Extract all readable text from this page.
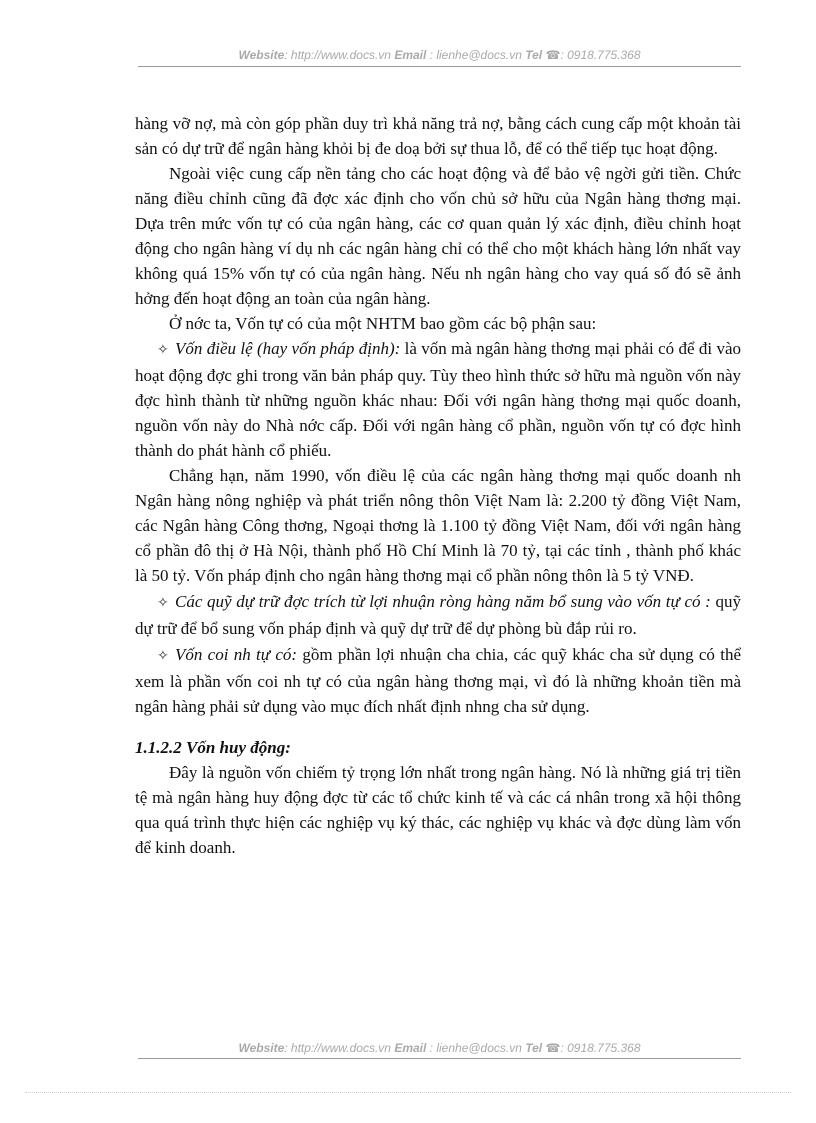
Website: http://www.docs.vn Email : lienhe@docs.vn Tel ☎: 0918.775.368

hàng vỡ nợ, mà còn góp phần duy trì khả năng trả nợ, bằng cách cung cấp một khoản tài sản có dự trữ để ngân hàng khỏi bị đe doạ bởi sự thua lỗ, để có thể tiếp tục hoạt động.

Ngoài việc cung cấp nền tảng cho các hoạt động và để bảo vệ ngời gửi tiền. Chức năng điều chỉnh cũng đã đợc xác định cho vốn chủ sở hữu của Ngân hàng thơng mại. Dựa trên mức vốn tự có của ngân hàng, các cơ quan quản lý xác định, điều chỉnh hoạt động cho ngân hàng ví dụ nh các ngân hàng chỉ có thể cho một khách hàng lớn nhất vay không quá 15% vốn tự có của ngân hàng. Nếu nh ngân hàng cho vay quá số đó sẽ ảnh hởng đến hoạt động an toàn của ngân hàng.

Ở nớc ta, Vốn tự có của một NHTM bao gồm các bộ phận sau:

✧ Vốn điều lệ (hay vốn pháp định): là vốn mà ngân hàng thơng mại phải có để đi vào hoạt động đợc ghi trong văn bản pháp quy. Tùy theo hình thức sở hữu mà nguồn vốn này đợc hình thành từ những nguồn khác nhau: Đối với ngân hàng thơng mại quốc doanh, nguồn vốn này do Nhà nớc cấp. Đối với ngân hàng cổ phần, nguồn vốn tự có đợc hình thành do phát hành cổ phiếu.

Chẳng hạn, năm 1990, vốn điều lệ của các ngân hàng thơng mại quốc doanh nh Ngân hàng nông nghiệp và phát triển nông thôn Việt Nam là: 2.200 tỷ đồng Việt Nam, các Ngân hàng Công thơng, Ngoại thơng là 1.100 tỷ đồng Việt Nam, đối với ngân hàng cổ phần đô thị ở Hà Nội, thành phố Hồ Chí Minh là 70 tỷ, tại các tỉnh , thành phố khác là 50 tỷ. Vốn pháp định cho ngân hàng thơng mại cổ phần nông thôn là 5 tỷ VNĐ.

✧ Các quỹ dự trữ đợc trích từ lợi nhuận ròng hàng năm bổ sung vào vốn tự có : quỹ dự trữ để bổ sung vốn pháp định và quỹ dự trữ để dự phòng bù đắp rủi ro.

✧ Vốn coi nh tự có: gồm phần lợi nhuận cha chia, các quỹ khác cha sử dụng có thể xem là phần vốn coi nh tự có của ngân hàng thơng mại, vì đó là những khoản tiền mà ngân hàng phải sử dụng vào mục đích nhất định nhng cha sử dụng.

1.1.2.2 Vốn huy động:

Đây là nguồn vốn chiếm tỷ trọng lớn nhất trong ngân hàng. Nó là những giá trị tiền tệ mà ngân hàng huy động đợc từ các tổ chức kinh tế và các cá nhân trong xã hội thông qua quá trình thực hiện các nghiệp vụ ký thác, các nghiệp vụ khác và đợc dùng làm vốn để kinh doanh.

Website: http://www.docs.vn Email : lienhe@docs.vn Tel ☎: 0918.775.368
